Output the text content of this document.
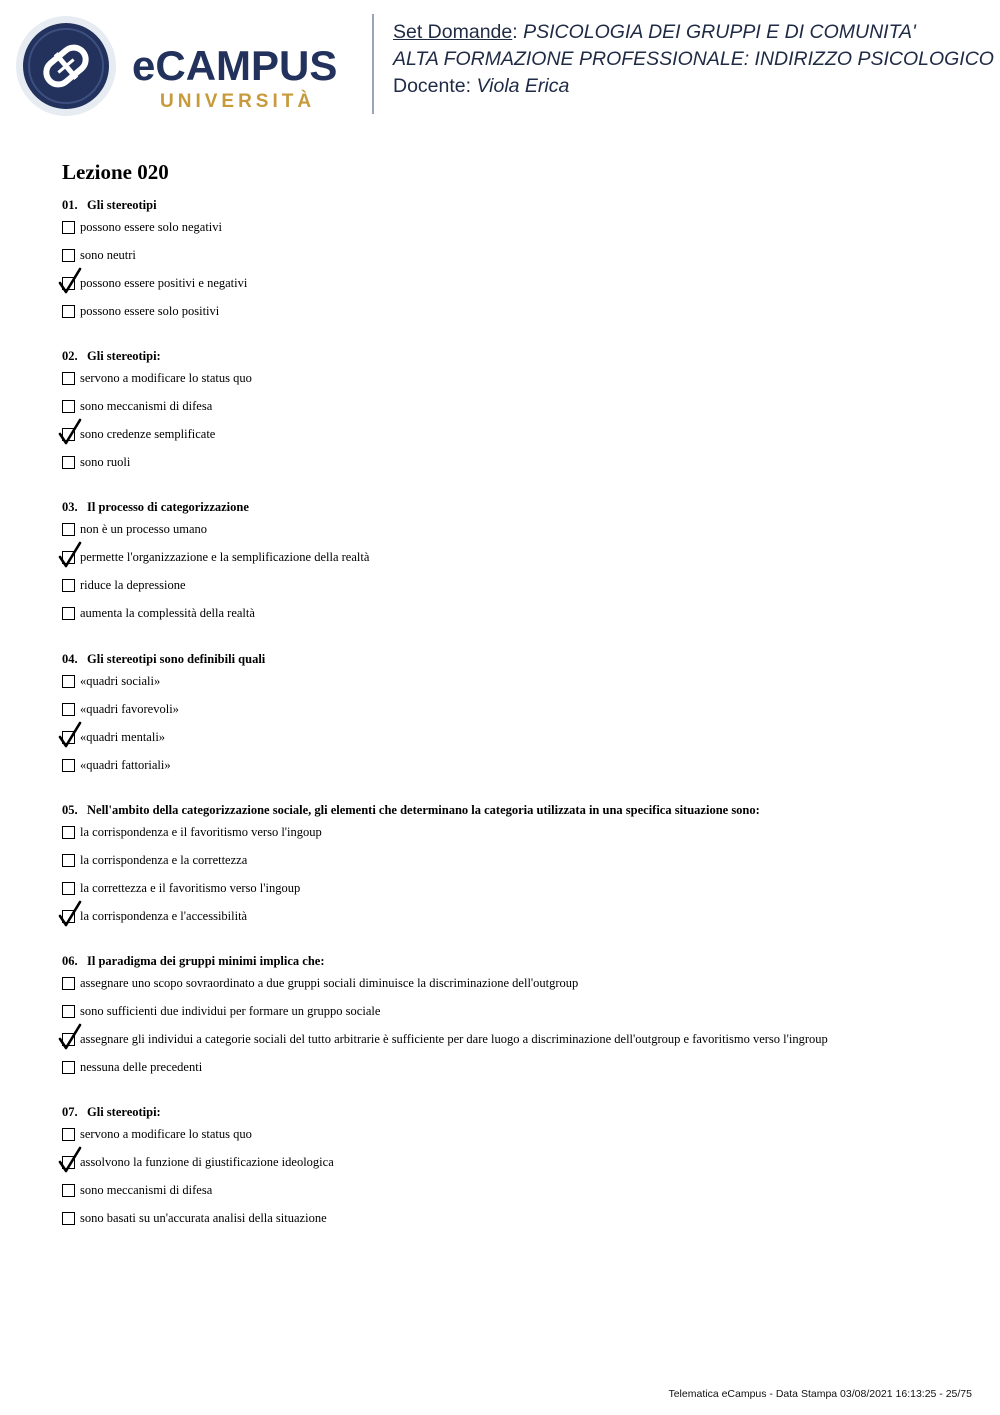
eCAMPUS
UNIVERSITÀ
Set Domande: PSICOLOGIA DEI GRUPPI E DI COMUNITA'
ALTA FORMAZIONE PROFESSIONALE: INDIRIZZO PSICOLOGICO
Docente: Viola Erica
Lezione 020
01. Gli stereotipi
possono essere solo negativi
sono neutri
possono essere positivi e negativi
possono essere solo positivi
02. Gli stereotipi:
servono a modificare lo status quo
sono meccanismi di difesa
sono credenze semplificate
sono ruoli
03. Il processo di categorizzazione
non è un processo umano
permette l'organizzazione e la semplificazione della realtà
riduce la depressione
aumenta la complessità della realtà
04. Gli stereotipi sono definibili quali
«quadri sociali»
«quadri favorevoli»
«quadri mentali»
«quadri fattoriali»
05. Nell'ambito della categorizzazione sociale, gli elementi che determinano la categoria utilizzata in una specifica situazione sono:
la corrispondenza e il favoritismo verso l'ingoup
la corrispondenza e la correttezza
la correttezza e il favoritismo verso l'ingoup
la corrispondenza e l'accessibilità
06. Il paradigma dei gruppi minimi implica che:
assegnare uno scopo sovraordinato a due gruppi sociali diminuisce la discriminazione dell'outgroup
sono sufficienti due individui per formare un gruppo sociale
assegnare gli individui a categorie sociali del tutto arbitrarie è sufficiente per dare luogo a discriminazione dell'outgroup e favoritismo verso l'ingroup
nessuna delle precedenti
07. Gli stereotipi:
servono a modificare lo status quo
assolvono la funzione di giustificazione ideologica
sono meccanismi di difesa
sono basati su un'accurata analisi della situazione
Telematica eCampus - Data Stampa 03/08/2021 16:13:25 - 25/75
